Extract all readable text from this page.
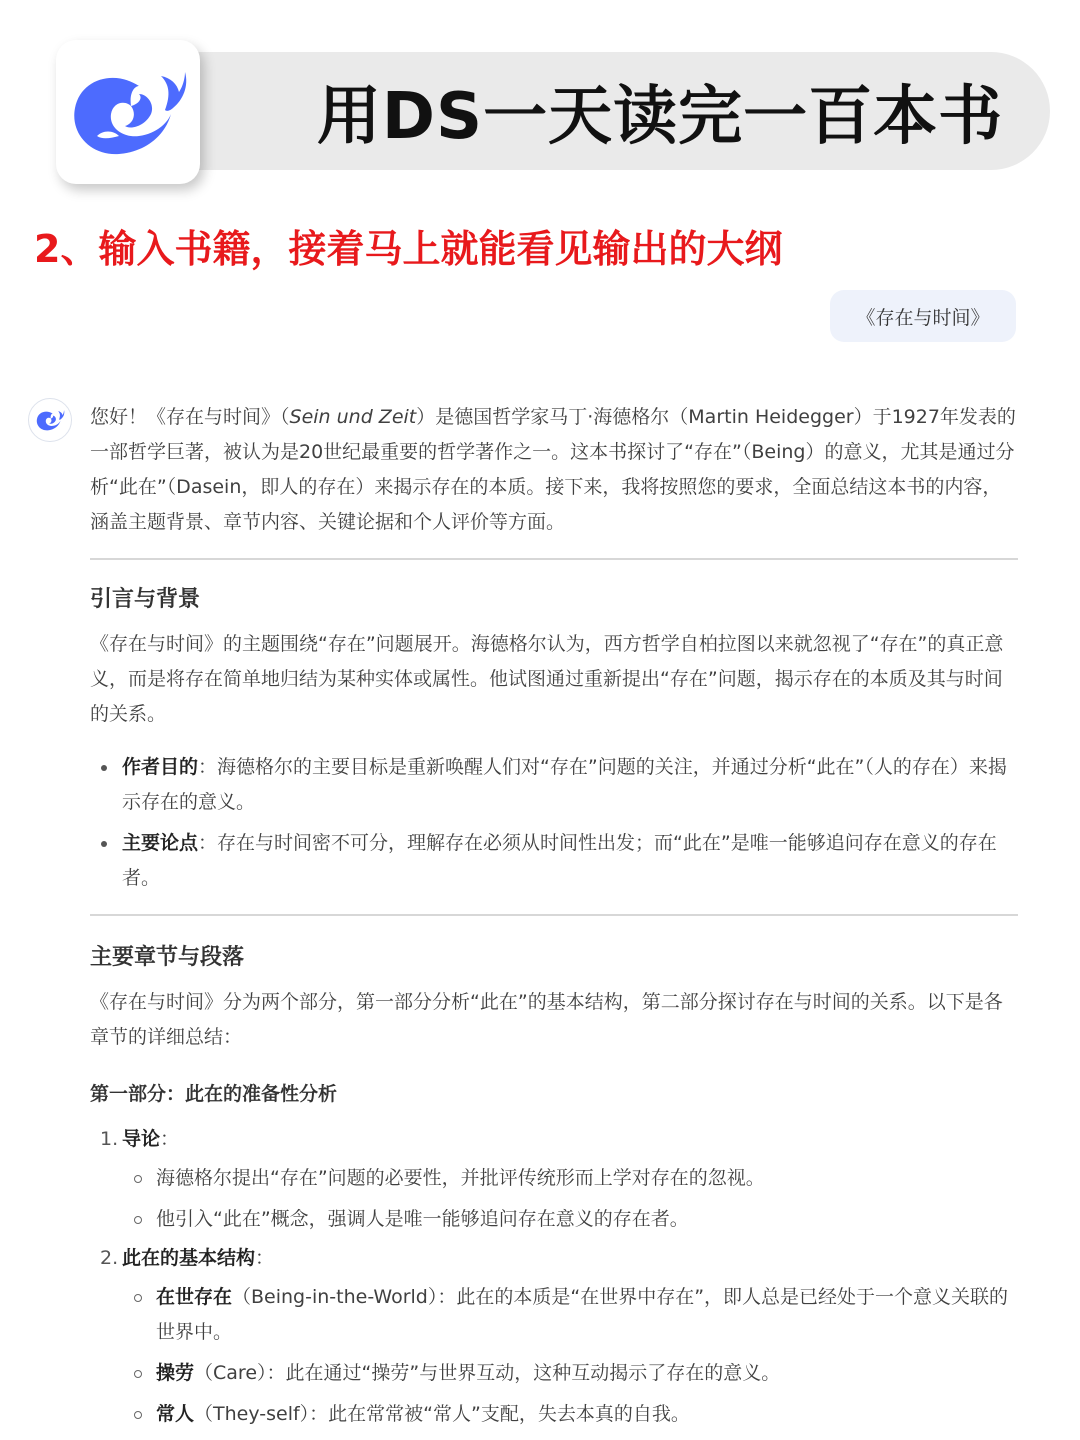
用DS一天读完一百本书
2、输入书籍，接着马上就能看见输出的大纲
《存在与时间》

您好！《存在与时间》（Sein und Zeit）是德国哲学家马丁·海德格尔（Martin Heidegger）于1927年发表的一部哲学巨著，被认为是20世纪最重要的哲学著作之一。这本书探讨了“存在”（Being）的意义，尤其是通过分析“此在”（Dasein，即人的存在）来揭示存在的本质。接下来，我将按照您的要求，全面总结这本书的内容，涵盖主题背景、章节内容、关键论据和个人评价等方面。

引言与背景

《存在与时间》的主题围绕“存在”问题展开。海德格尔认为，西方哲学自柏拉图以来就忽视了“存在”的真正意义，而是将存在简单地归结为某种实体或属性。他试图通过重新提出“存在”问题，揭示存在的本质及其与时间的关系。

作者目的：海德格尔的主要目标是重新唤醒人们对“存在”问题的关注，并通过分析“此在”（人的存在）来揭示存在的意义。
主要论点：存在与时间密不可分，理解存在必须从时间性出发；而“此在”是唯一能够追问存在意义的存在者。
主要章节与段落

《存在与时间》分为两个部分，第一部分分析“此在”的基本结构，第二部分探讨存在与时间的关系。以下是各章节的详细总结：

第一部分：此在的准备性分析
1. 导论：
海德格尔提出“存在”问题的必要性，并批评传统形而上学对存在的忽视。
他引入“此在”概念，强调人是唯一能够追问存在意义的存在者。
2. 此在的基本结构：
在世存在（Being-in-the-World）：此在的本质是“在世界中存在”，即人总是已经处于一个意义关联的世界中。
操劳（Care）：此在通过“操劳”与世界互动，这种互动揭示了存在的意义。
常人（They-self）：此在常常被“常人”支配，失去本真的自我。
